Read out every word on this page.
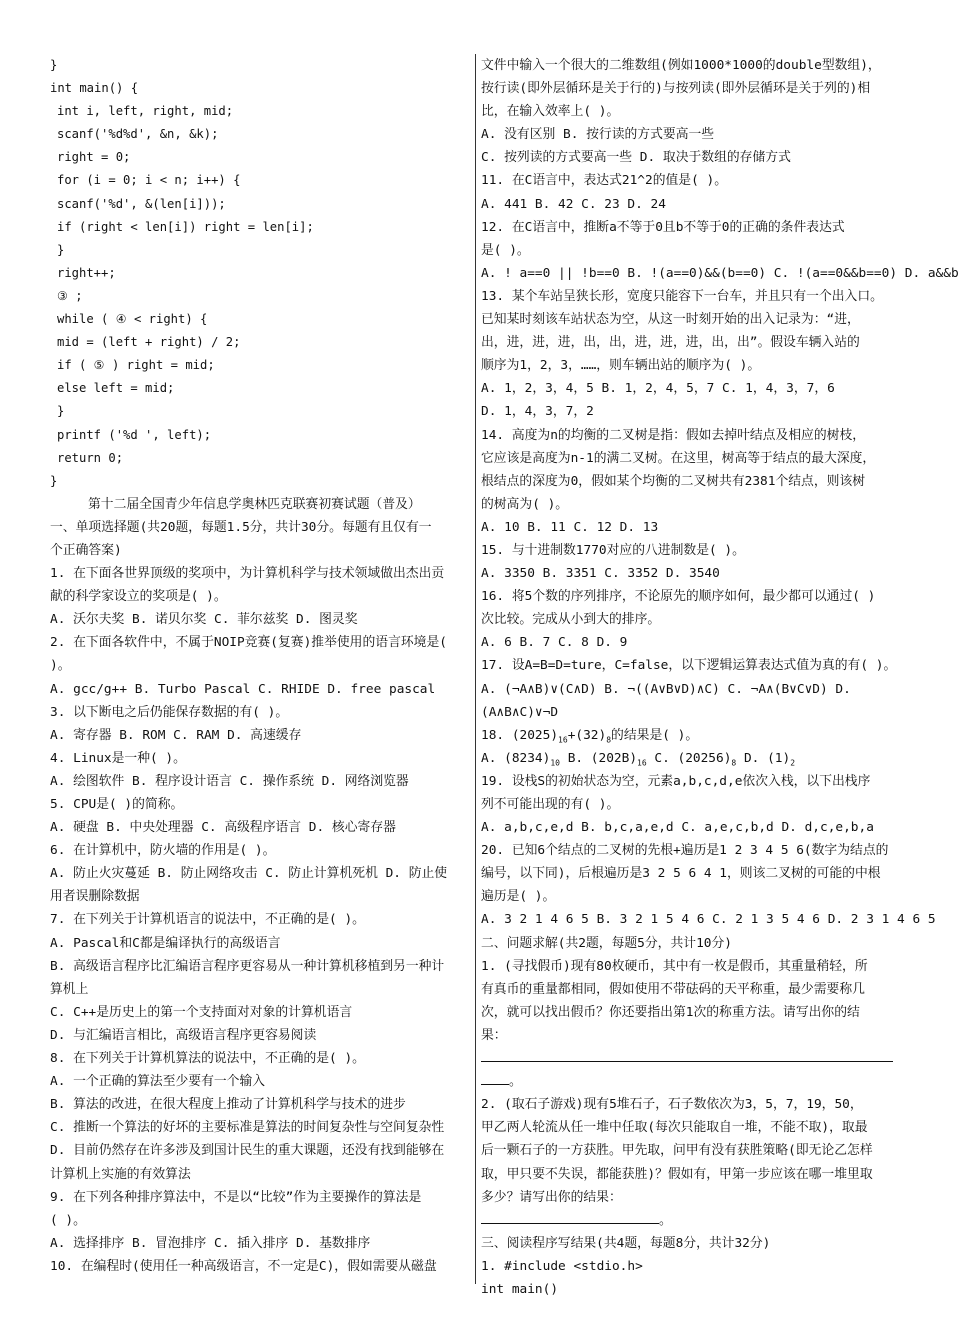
}
int main() {
int i, left, right, mid;
scanf('%d%d', &n, &k);
right = 0;
for (i = 0; i < n; i++) {
scanf('%d', &(len[i]));
if (right < len[i]) right = len[i];
}
right++;
③ ;
while ( ④ < right) {
mid = (left + right) / 2;
if ( ⑤ ) right = mid;
else left = mid;
}
printf ('%d ', left);
return 0;
}
第十二届全国青少年信息学奥林匹克联赛初赛试题（普及）
一、单项选择题(共20题，每题1.5分，共计30分。每题有且仅有一
个正确答案)
1. 在下面各世界顶级的奖项中，为计算机科学与技术领域做出杰出贡
献的科学家设立的奖项是( )。
A. 沃尔夫奖 B. 诺贝尔奖 C. 菲尔兹奖 D. 图灵奖
2. 在下面各软件中，不属于NOIP竞赛(复赛)推举使用的语言环境是(
)。
A. gcc/g++ B. Turbo Pascal C. RHIDE D. free pascal
3. 以下断电之后仍能保存数据的有( )。
A. 寄存器 B. ROM C. RAM D. 高速缓存
4. Linux是一种( )。
A. 绘图软件 B. 程序设计语言 C. 操作系统 D. 网络浏览器
5. CPU是( )的简称。
A. 硬盘 B. 中央处理器 C. 高级程序语言 D. 核心寄存器
6. 在计算机中，防火墙的作用是( )。
A. 防止火灾蔓延 B. 防止网络攻击 C. 防止计算机死机 D. 防止使
用者误删除数据
7. 在下列关于计算机语言的说法中，不正确的是( )。
A. Pascal和C都是编译执行的高级语言
B. 高级语言程序比汇编语言程序更容易从一种计算机移植到另一种计
算机上
C. C++是历史上的第一个支持面对对象的计算机语言
D. 与汇编语言相比，高级语言程序更容易阅读
8. 在下列关于计算机算法的说法中，不正确的是( )。
A. 一个正确的算法至少要有一个输入
B. 算法的改进，在很大程度上推动了计算机科学与技术的进步
C. 推断一个算法的好坏的主要标准是算法的时间复杂性与空间复杂性
D. 目前仍然存在许多涉及到国计民生的重大课题，还没有找到能够在
计算机上实施的有效算法
9. 在下列各种排序算法中，不是以“比较”作为主要操作的算法是
( )。
A. 选择排序 B. 冒泡排序 C. 插入排序 D. 基数排序
10. 在编程时(使用任一种高级语言，不一定是C)，假如需要从磁盘
文件中输入一个很大的二维数组(例如1000*1000的double型数组)，
按行读(即外层循环是关于行的)与按列读(即外层循环是关于列的)相
比，在输入效率上( )。
A. 没有区别 B. 按行读的方式要高一些
C. 按列读的方式要高一些 D. 取决于数组的存储方式
11. 在C语言中，表达式21^2的值是( )。
A. 441 B. 42 C. 23 D. 24
12. 在C语言中，推断a不等于0且b不等于0的正确的条件表达式
是( )。
A. ! a==0 || !b==0 B. !(a==0)&&(b==0) C. !(a==0&&b==0) D. a&&b
13. 某个车站呈狭长形，宽度只能容下一台车，并且只有一个出入口。
已知某时刻该车站状态为空，从这一时刻开始的出入记录为：“进，
出，进，进，进，出，出，进，进，进，出，出”。假设车辆入站的
顺序为1，2，3，……，则车辆出站的顺序为( )。
A. 1，2，3，4，5 B. 1，2，4，5，7 C. 1，4，3，7，6
D. 1，4，3，7，2
14. 高度为n的均衡的二叉树是指：假如去掉叶结点及相应的树枝，
它应该是高度为n-1的满二叉树。在这里，树高等于结点的最大深度，
根结点的深度为0，假如某个均衡的二叉树共有2381个结点，则该树
的树高为( )。
A. 10 B. 11 C. 12 D. 13
15. 与十进制数1770对应的八进制数是( )。
A. 3350 B. 3351 C. 3352 D. 3540
16. 将5个数的序列排序，不论原先的顺序如何，最少都可以通过( )
次比较。完成从小到大的排序。
A. 6 B. 7 C. 8 D. 9
17. 设A=B=D=ture，C=false，以下逻辑运算表达式值为真的有( )。
A. (¬A∧B)∨(C∧D) B. ¬((A∨B∨D)∧C) C. ¬A∧(B∨C∨D) D.
(A∧B∧C)∨¬D
18. $(2025)_{16}+(32)_8$的结果是( )。
A. $(8234)_{10}$ B. $(202B)_{16}$ C. $(20256)_8$ D. $(1)_2$
19. 设栈S的初始状态为空，元素a,b,c,d,e依次入栈，以下出栈序
列不可能出现的有( )。
A. a,b,c,e,d B. b,c,a,e,d C. a,e,c,b,d D. d,c,e,b,a
20. 已知6个结点的二叉树的先根+遍历是1 2 3 4 5 6(数字为结点的
编号，以下同)，后根遍历是3 2 5 6 4 1，则该二叉树的可能的中根
遍历是( )。
A. 3 2 1 4 6 5 B. 3 2 1 5 4 6 C. 2 1 3 5 4 6 D. 2 3 1 4 6 5
二、问题求解(共2题，每题5分，共计10分)
1. (寻找假币)现有80枚硬币，其中有一枚是假币，其重量稍轻，所
有真币的重量都相同，假如使用不带砝码的天平称重，最少需要称几
次，就可以找出假币？你还要指出第1次的称重方法。请写出你的结
果：
。
2. (取石子游戏)现有5堆石子，石子数依次为3，5，7，19，50，
甲乙两人轮流从任一堆中任取(每次只能取自一堆，不能不取)，取最
后一颗石子的一方获胜。甲先取，问甲有没有获胜策略(即无论乙怎样
取，甲只要不失误，都能获胜)？假如有，甲第一步应该在哪一堆里取
多少？请写出你的结果：
。
三、阅读程序写结果(共4题，每题8分，共计32分)
1. #include <stdio.h>
int main()
